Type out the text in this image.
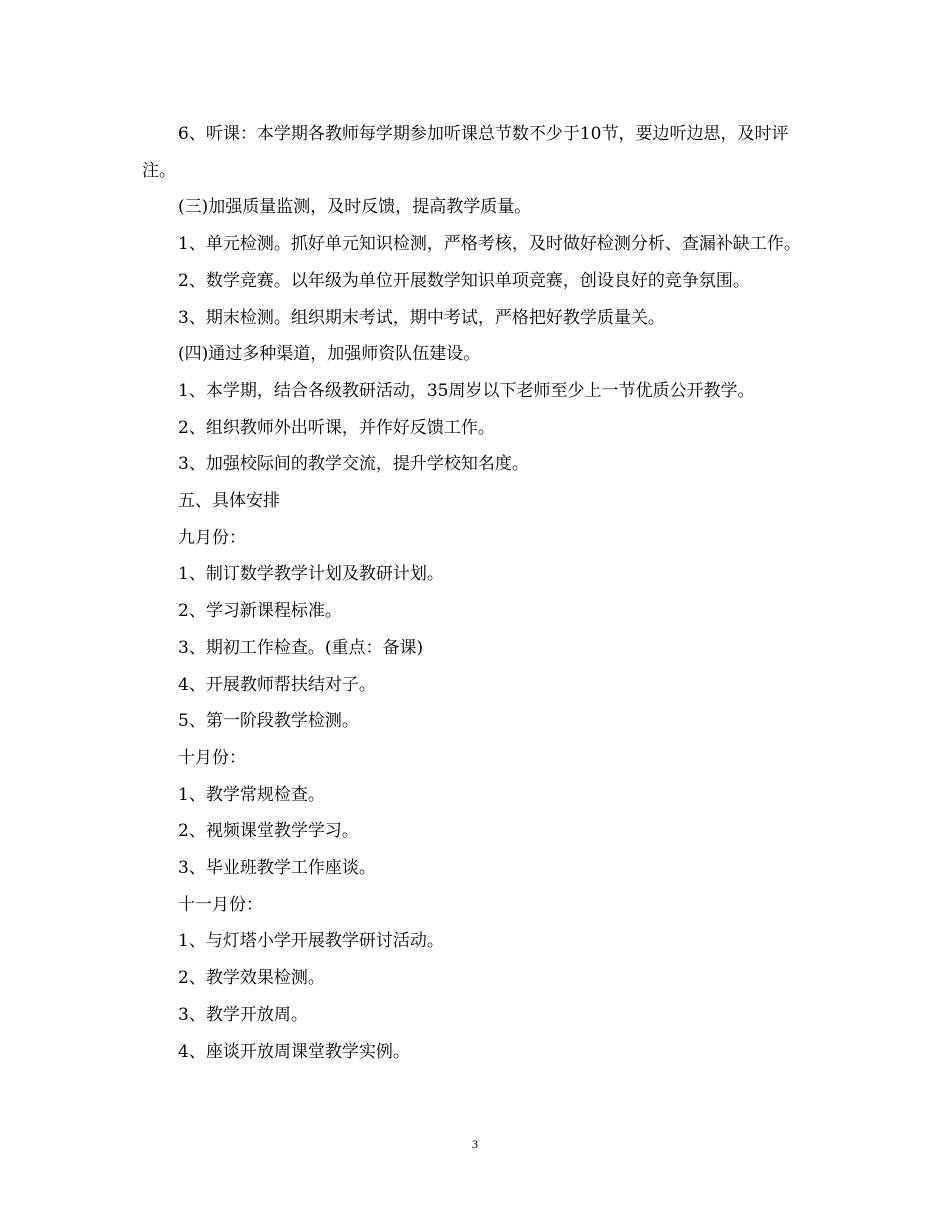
6、听课：本学期各教师每学期参加听课总节数不少于10节，要边听边思，及时评注。

(三)加强质量监测，及时反馈，提高教学质量。

1、单元检测。抓好单元知识检测，严格考核，及时做好检测分析、查漏补缺工作。

2、数学竞赛。以年级为单位开展数学知识单项竞赛，创设良好的竞争氛围。

3、期末检测。组织期末考试，期中考试，严格把好教学质量关。

(四)通过多种渠道，加强师资队伍建设。

1、本学期，结合各级教研活动，35周岁以下老师至少上一节优质公开教学。

2、组织教师外出听课，并作好反馈工作。

3、加强校际间的教学交流，提升学校知名度。

五、具体安排

九月份：

1、制订数学教学计划及教研计划。

2、学习新课程标准。

3、期初工作检查。(重点：备课)

4、开展教师帮扶结对子。

5、第一阶段教学检测。

十月份：

1、教学常规检查。

2、视频课堂教学学习。

3、毕业班教学工作座谈。

十一月份：

1、与灯塔小学开展教学研讨活动。

2、教学效果检测。

3、教学开放周。

4、座谈开放周课堂教学实例。

3
